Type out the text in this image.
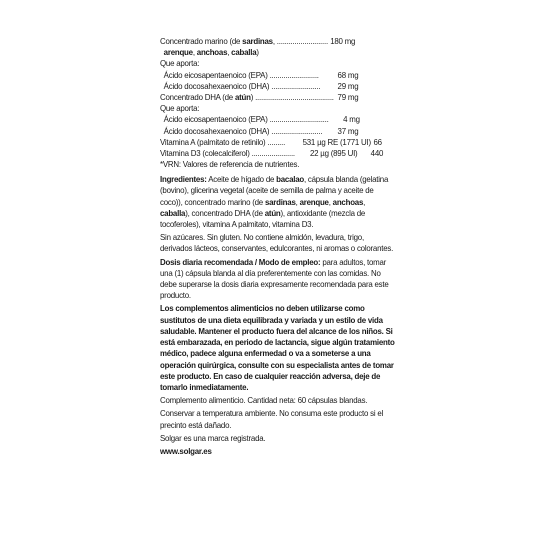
Concentrado marino (de sardinas, .......................... 180 mg
arenque, anchoas, caballa)
Que aporta:
Ácido eicosapentaenoico (EPA) ......................... 68 mg
Ácido docosahexaenoico (DHA) ......................... 29 mg
Concentrado DHA (de atún) ........................................ 79 mg
Que aporta:
Ácido eicosapentaenoico (EPA) .............................. 4 mg
Ácido docosahexaenoico (DHA) .......................... 37 mg
Vitamina A (palmitato de retinilo) ......... 531 µg RE (1771 UI) 66
Vitamina D3 (colecalciferol) ...................... 22 µg (895 UI) 440
*VRN: Valores de referencia de nutrientes.
Ingredientes: Aceite de hígado de bacalao, cápsula blanda (gelatina (bovino), glicerina vegetal (aceite de semilla de palma y aceite de coco)), concentrado marino (de sardinas, arenque, anchoas, caballa), concentrado DHA (de atún), antioxidante (mezcla de tocoferoles), vitamina A palmitato, vitamina D3.
Sin azúcares. Sin gluten. No contiene almidón, levadura, trigo, derivados lácteos, conservantes, edulcorantes, ni aromas o colorantes.
Dosis diaria recomendada / Modo de empleo: para adultos, tomar una (1) cápsula blanda al día preferentemente con las comidas. No debe superarse la dosis diaria expresamente recomendada para este producto.
Los complementos alimenticios no deben utilizarse como sustitutos de una dieta equilibrada y variada y un estilo de vida saludable. Mantener el producto fuera del alcance de los niños. Si está embarazada, en periodo de lactancia, sigue algún tratamiento médico, padece alguna enfermedad o va a someterse a una operación quirúrgica, consulte con su especialista antes de tomar este producto. En caso de cualquier reacción adversa, deje de tomarlo inmediatamente.
Complemento alimenticio. Cantidad neta: 60 cápsulas blandas.
Conservar a temperatura ambiente. No consuma este producto si el precinto está dañado.
Solgar es una marca registrada.
www.solgar.es
